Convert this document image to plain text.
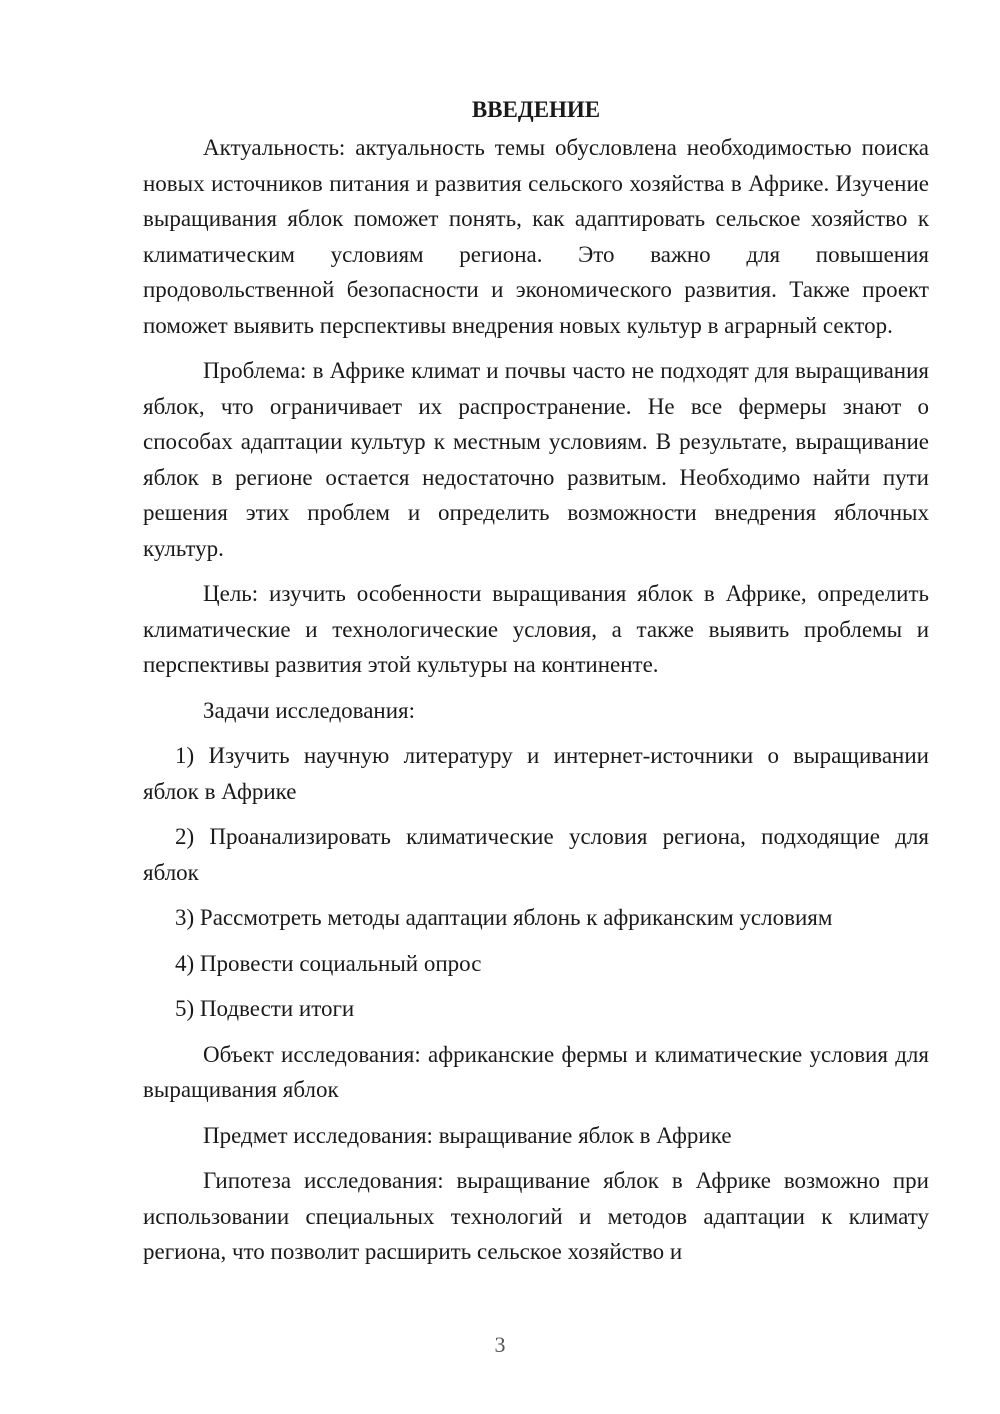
ВВЕДЕНИЕ

Актуальность: актуальность темы обусловлена необходимостью поиска новых источников питания и развития сельского хозяйства в Африке. Изучение выращивания яблок поможет понять, как адаптировать сельское хозяйство к климатическим условиям региона. Это важно для повышения продовольственной безопасности и экономического развития. Также проект поможет выявить перспективы внедрения новых культур в аграрный сектор.

Проблема: в Африке климат и почвы часто не подходят для выращивания яблок, что ограничивает их распространение. Не все фермеры знают о способах адаптации культур к местным условиям. В результате, выращивание яблок в регионе остается недостаточно развитым. Необходимо найти пути решения этих проблем и определить возможности внедрения яблочных культур.

Цель: изучить особенности выращивания яблок в Африке, определить климатические и технологические условия, а также выявить проблемы и перспективы развития этой культуры на континенте.

Задачи исследования:

1) Изучить научную литературу и интернет-источники о выращивании яблок в Африке

2) Проанализировать климатические условия региона, подходящие для яблок

3) Рассмотреть методы адаптации яблонь к африканским условиям

4) Провести социальный опрос

5) Подвести итоги

Объект исследования: африканские фермы и климатические условия для выращивания яблок

Предмет исследования: выращивание яблок в Африке

Гипотеза исследования: выращивание яблок в Африке возможно при использовании специальных технологий и методов адаптации к климату региона, что позволит расширить сельское хозяйство и

3
